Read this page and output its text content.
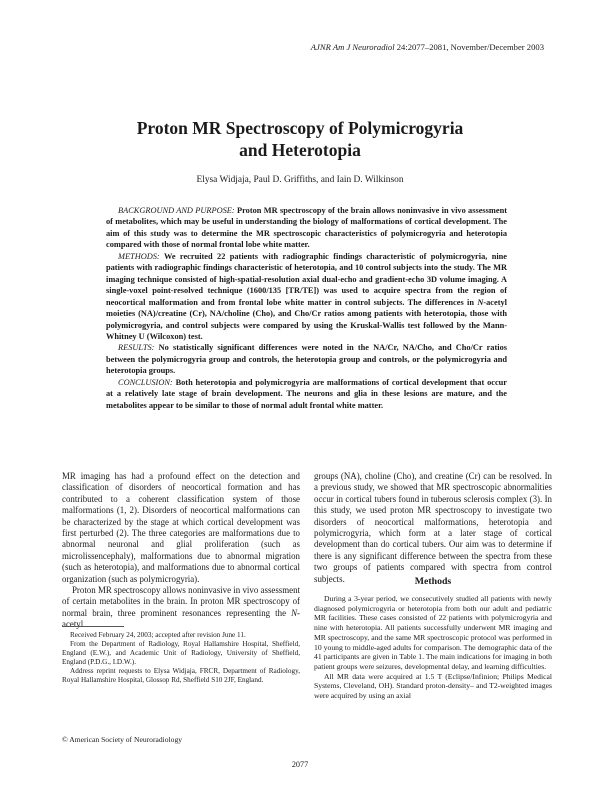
AJNR Am J Neuroradiol 24:2077–2081, November/December 2003
Proton MR Spectroscopy of Polymicrogyria
and Heterotopia
Elysa Widjaja, Paul D. Griffiths, and Iain D. Wilkinson

BACKGROUND AND PURPOSE: Proton MR spectroscopy of the brain allows noninvasive in vivo assessment of metabolites, which may be useful in understanding the biology of malformations of cortical development. The aim of this study was to determine the MR spectroscopic characteristics of polymicrogyria and heterotopia compared with those of normal frontal lobe white matter.

METHODS: We recruited 22 patients with radiographic findings characteristic of polymicrogyria, nine patients with radiographic findings characteristic of heterotopia, and 10 control subjects into the study. The MR imaging technique consisted of high-spatial-resolution axial dual-echo and gradient-echo 3D volume imaging. A single-voxel point-resolved technique (1600/135 [TR/TE]) was used to acquire spectra from the region of neocortical malformation and from frontal lobe white matter in control subjects. The differences in N-acetyl moieties (NA)/creatine (Cr), NA/choline (Cho), and Cho/Cr ratios among patients with heterotopia, those with polymicrogyria, and control subjects were compared by using the Kruskal-Wallis test followed by the Mann-Whitney U (Wilcoxon) test.

RESULTS: No statistically significant differences were noted in the NA/Cr, NA/Cho, and Cho/Cr ratios between the polymicrogyria group and controls, the heterotopia group and controls, or the polymicrogyria and heterotopia groups.

CONCLUSION: Both heterotopia and polymicrogyria are malformations of cortical development that occur at a relatively late stage of brain development. The neurons and glia in these lesions are mature, and the metabolites appear to be similar to those of normal adult frontal white matter.

MR imaging has had a profound effect on the detection and classification of disorders of neocortical formation and has contributed to a coherent classification system of those malformations (1, 2). Disorders of neocortical malformations can be characterized by the stage at which cortical development was first perturbed (2). The three categories are malformations due to abnormal neuronal and glial proliferation (such as microlissencephaly), malformations due to abnormal migration (such as heterotopia), and malformations due to abnormal cortical organization (such as polymicrogyria).

Proton MR spectroscopy allows noninvasive in vivo assessment of certain metabolites in the brain. In proton MR spectroscopy of normal brain, three prominent resonances representing the N-acetyl

groups (NA), choline (Cho), and creatine (Cr) can be resolved. In a previous study, we showed that MR spectroscopic abnormalities occur in cortical tubers found in tuberous sclerosis complex (3). In this study, we used proton MR spectroscopy to investigate two disorders of neocortical malformations, heterotopia and polymicrogyria, which form at a later stage of cortical development than do cortical tubers. Our aim was to determine if there is any significant difference between the spectra from these two groups of patients compared with spectra from control subjects.	Methods

During a 3-year period, we consecutively studied all patients with newly diagnosed polymicrogyria or heterotopia from both our adult and pediatric MR facilities. These cases consisted of 22 patients with polymicrogyria and nine with heterotopia. All patients successfully underwent MR imaging and MR spectroscopy, and the same MR spectroscopic protocol was performed in 10 young to middle-aged adults for comparison. The demographic data of the 41 participants are given in Table 1. The main indications for imaging in both patient groups were seizures, developmental delay, and learning difficulties.

All MR data were acquired at 1.5 T (Eclipse/Infinion; Philips Medical Systems, Cleveland, OH). Standard proton-density– and T2-weighted images were acquired by using an axial

Received February 24, 2003; accepted after revision June 11.

From the Department of Radiology, Royal Hallamshire Hospital, Sheffield, England (E.W.), and Academic Unit of Radiology, University of Sheffield, England (P.D.G., I.D.W.).

Address reprint requests to Elysa Widjaja, FRCR, Department of Radiology, Royal Hallamshire Hospital, Glossop Rd, Sheffield S10 2JF, England.

© American Society of Neuroradiology
2077
